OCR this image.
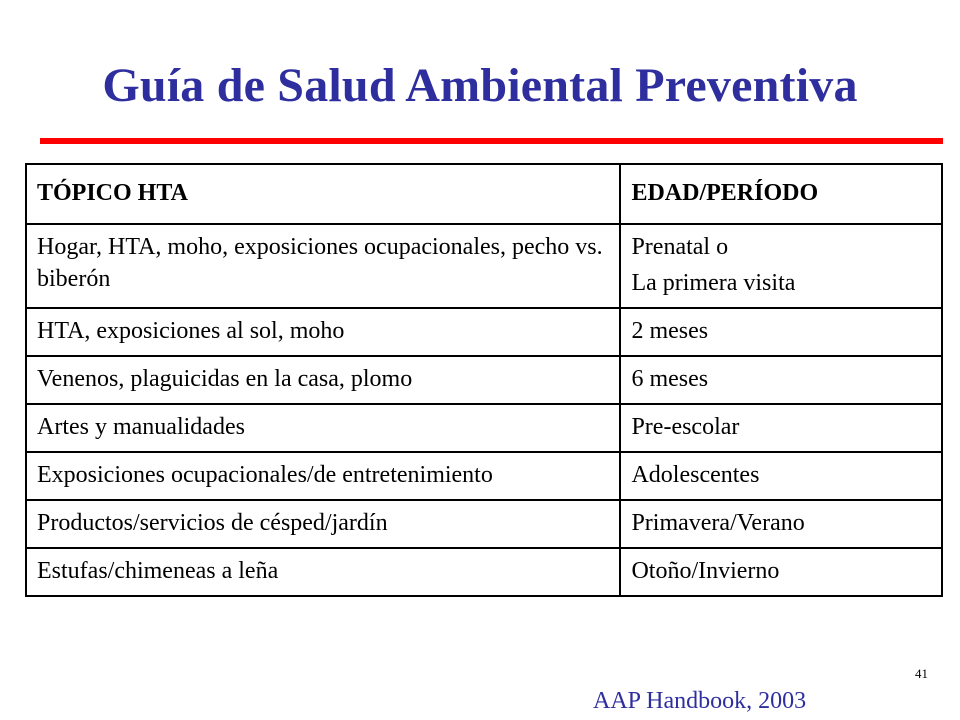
Guía de Salud Ambiental Preventiva
TÓPICO HTA	EDAD/PERÍODO
Hogar, HTA, moho, exposiciones ocupacionales, pecho vs. biberón	Prenatal o
La primera visita

HTA, exposiciones al sol, moho	2 meses
Venenos, plaguicidas en la casa, plomo	6 meses
Artes y manualidades	Pre-escolar
Exposiciones ocupacionales/de entretenimiento	Adolescentes
Productos/servicios de césped/jardín	Primavera/Verano
Estufas/chimeneas a leña	Otoño/Invierno
41
AAP Handbook, 2003
